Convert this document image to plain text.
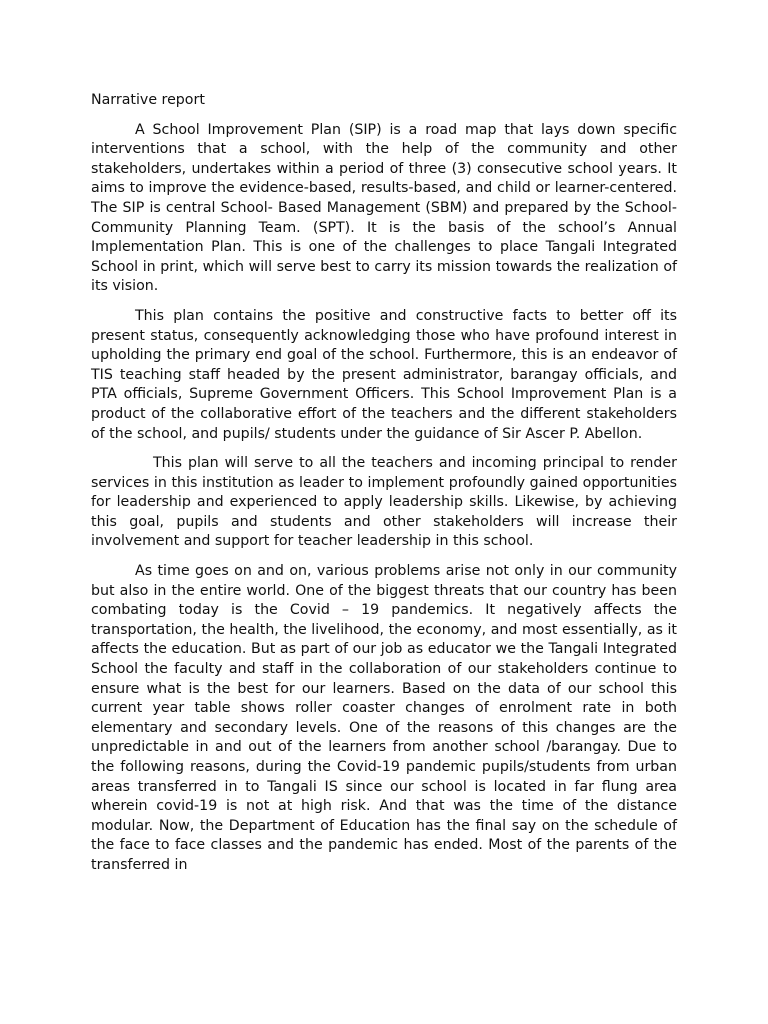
Narrative report

A School Improvement Plan (SIP) is a road map that lays down specific interventions that a school, with the help of the community and other stakeholders, undertakes within a period of three (3) consecutive school years. It aims to improve the evidence-based, results-based, and child or learner-centered. The SIP is central School- Based Management (SBM) and prepared by the School-Community Planning Team. (SPT). It is the basis of the school’s Annual Implementation Plan. This is one of the challenges to place Tangali Integrated School in print, which will serve best to carry its mission towards the realization of its vision.

This plan contains the positive and constructive facts to better off its present status, consequently acknowledging those who have profound interest in upholding the primary end goal of the school. Furthermore, this is an endeavor of TIS teaching staff headed by the present administrator, barangay officials, and PTA officials, Supreme Government Officers. This School Improvement Plan is a product of the collaborative effort of the teachers and the different stakeholders of the school, and pupils/ students under the guidance of Sir Ascer P. Abellon.

This plan will serve to all the teachers and incoming principal to render services in this institution as leader to implement profoundly gained opportunities for leadership and experienced to apply leadership skills. Likewise, by achieving this goal, pupils and students and other stakeholders will increase their involvement and support for teacher leadership in this school.

As time goes on and on, various problems arise not only in our community but also in the entire world. One of the biggest threats that our country has been combating today is the Covid – 19 pandemics. It negatively affects the transportation, the health, the livelihood, the economy, and most essentially, as it affects the education. But as part of our job as educator we the Tangali Integrated School the faculty and staff in the collaboration of our stakeholders continue to ensure what is the best for our learners. Based on the data of our school this current year table shows roller coaster changes of enrolment rate in both elementary and secondary levels. One of the reasons of this changes are the unpredictable in and out of the learners from another school /barangay. Due to the following reasons, during the Covid-19 pandemic pupils/students from urban areas transferred in to Tangali IS since our school is located in far flung area wherein covid-19 is not at high risk. And that was the time of the distance modular. Now, the Department of Education has the final say on the schedule of the face to face classes and the pandemic has ended. Most of the parents of the transferred in
